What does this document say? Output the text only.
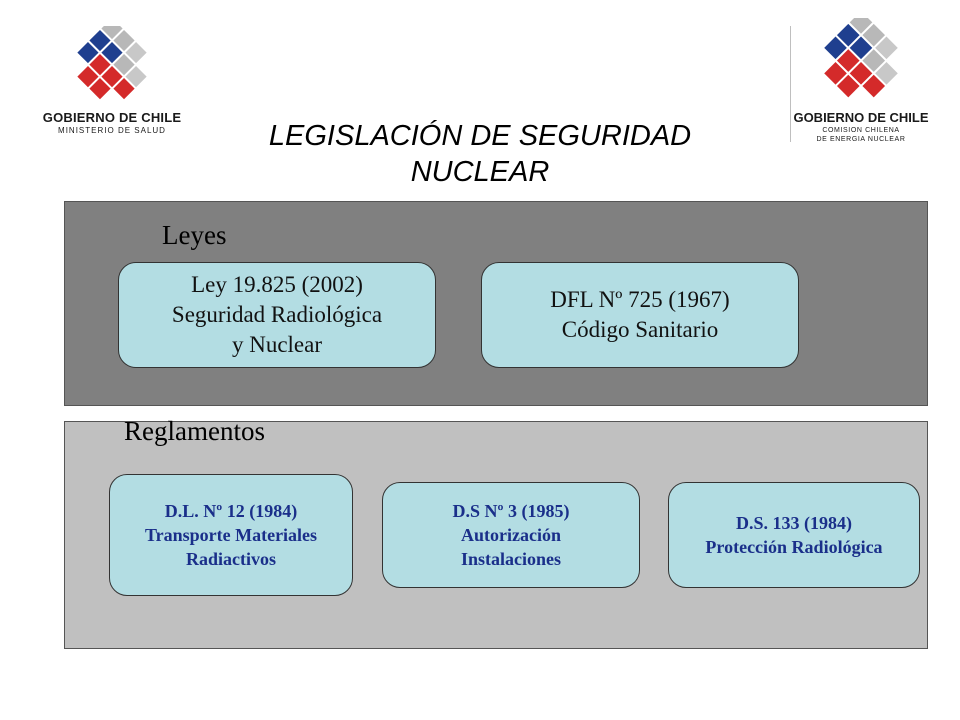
GOBIERNO DE CHILE
MINISTERIO DE SALUD
GOBIERNO DE CHILE
COMISION CHILENA
DE ENERGIA NUCLEAR
LEGISLACIÓN DE SEGURIDAD
NUCLEAR
Leyes
Ley 19.825 (2002)
Seguridad Radiológica
y Nuclear
DFL Nº 725 (1967)
Código Sanitario
Reglamentos
D.L. Nº 12 (1984)
Transporte Materiales
Radiactivos
D.S Nº 3 (1985)
Autorización
Instalaciones
D.S. 133 (1984)
Protección Radiológica
